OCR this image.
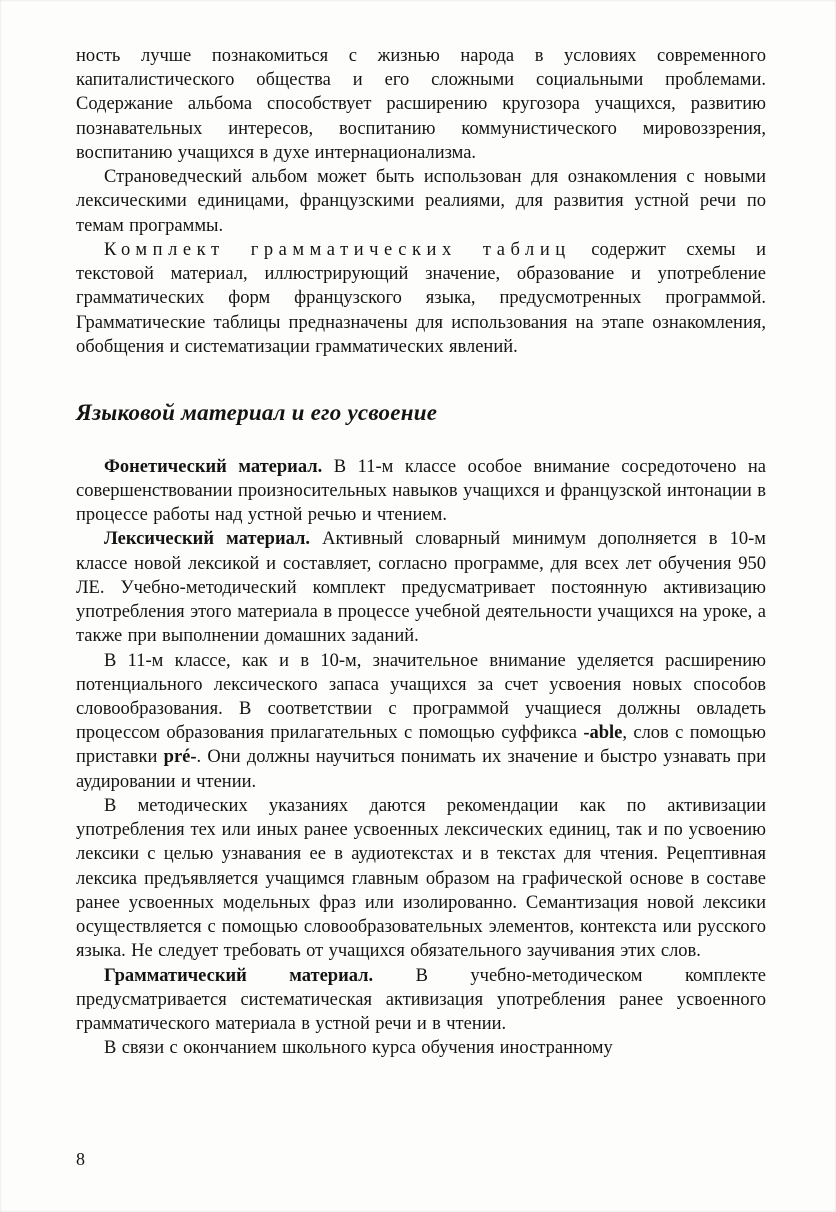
ность лучше познакомиться с жизнью народа в условиях современного капиталистического общества и его сложными социальными проблемами. Содержание альбома способствует расширению кругозора учащихся, развитию познавательных интересов, воспитанию коммунистического мировоззрения, воспитанию учащихся в духе интернационализма.

Страноведческий альбом может быть использован для ознакомления с новыми лексическими единицами, французскими реалиями, для развития устной речи по темам программы.

Комплект грамматических таблиц содержит схемы и текстовой материал, иллюстрирующий значение, образование и употребление грамматических форм французского языка, предусмотренных программой. Грамматические таблицы предназначены для использования на этапе ознакомления, обобщения и систематизации грамматических явлений.

Языковой материал и его усвоение

Фонетический материал. В 11-м классе особое внимание сосредоточено на совершенствовании произносительных навыков учащихся и французской интонации в процессе работы над устной речью и чтением.

Лексический материал. Активный словарный минимум дополняется в 10-м классе новой лексикой и составляет, согласно программе, для всех лет обучения 950 ЛЕ. Учебно-методический комплект предусматривает постоянную активизацию употребления этого материала в процессе учебной деятельности учащихся на уроке, а также при выполнении домашних заданий.

В 11-м классе, как и в 10-м, значительное внимание уделяется расширению потенциального лексического запаса учащихся за счет усвоения новых способов словообразования. В соответствии с программой учащиеся должны овладеть процессом образования прилагательных с помощью суффикса -able, слов с помощью приставки pré-. Они должны научиться понимать их значение и быстро узнавать при аудировании и чтении.

В методических указаниях даются рекомендации как по активизации употребления тех или иных ранее усвоенных лексических единиц, так и по усвоению лексики с целью узнавания ее в аудиотекстах и в текстах для чтения. Рецептивная лексика предъявляется учащимся главным образом на графической основе в составе ранее усвоенных модельных фраз или изолированно. Семантизация новой лексики осуществляется с помощью словообразовательных элементов, контекста или русского языка. Не следует требовать от учащихся обязательного заучивания этих слов.

Грамматический материал. В учебно-методическом комплекте предусматривается систематическая активизация употребления ранее усвоенного грамматического материала в устной речи и в чтении.

В связи с окончанием школьного курса обучения иностранному

8
